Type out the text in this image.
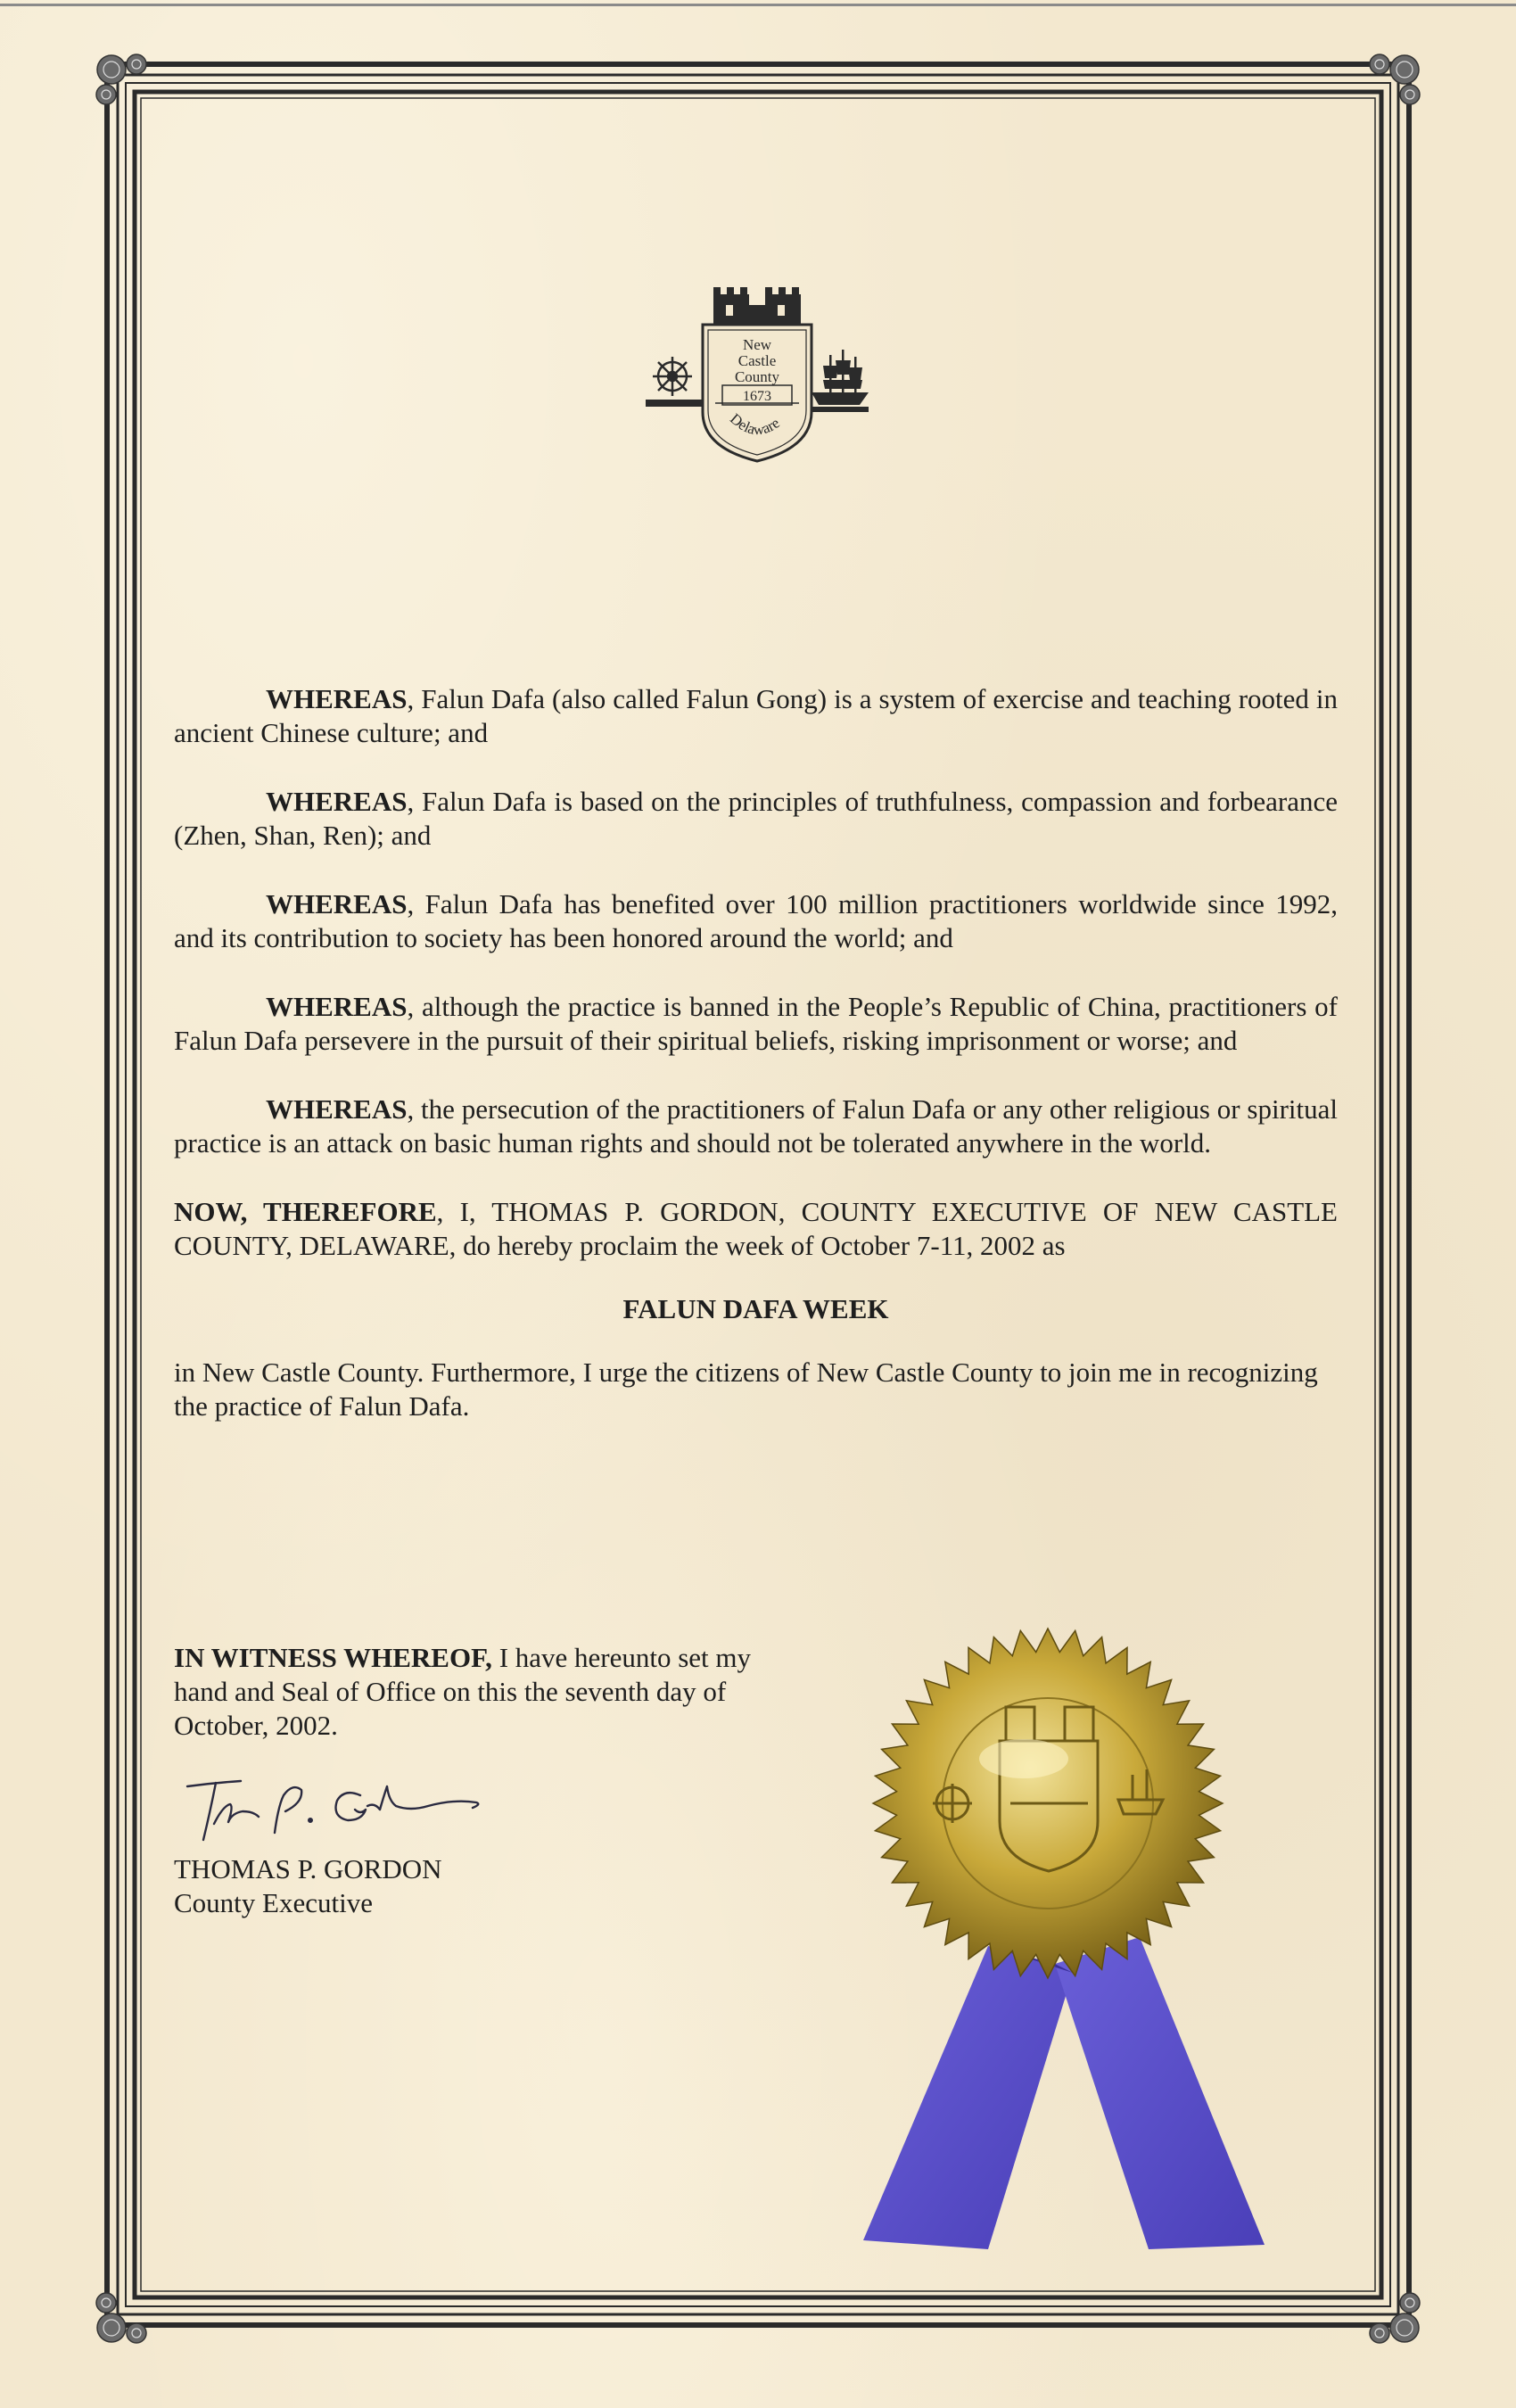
New
Castle
County
1673
Delaware

WHEREAS, Falun Dafa (also called Falun Gong) is a system of exercise and teaching rooted in ancient Chinese culture; and

WHEREAS, Falun Dafa is based on the principles of truthfulness, compassion and forbearance (Zhen, Shan, Ren); and

WHEREAS, Falun Dafa has benefited over 100 million practitioners worldwide since 1992, and its contribution to society has been honored around the world; and

WHEREAS, although the practice is banned in the People’s Republic of China, practitioners of Falun Dafa persevere in the pursuit of their spiritual beliefs, risking imprisonment or worse; and

WHEREAS, the persecution of the practitioners of Falun Dafa or any other religious or spiritual practice is an attack on basic human rights and should not be tolerated anywhere in the world.

NOW, THEREFORE, I, THOMAS P. GORDON, COUNTY EXECUTIVE OF NEW CASTLE COUNTY, DELAWARE, do hereby proclaim the week of October 7-11, 2002 as

FALUN DAFA WEEK

in New Castle County. Furthermore, I urge the citizens of New Castle County to join me in recognizing the practice of Falun Dafa.

IN WITNESS WHEREOF, I have hereunto set my hand and Seal of Office on this the seventh day of October, 2002.
THOMAS P. GORDON
County Executive
